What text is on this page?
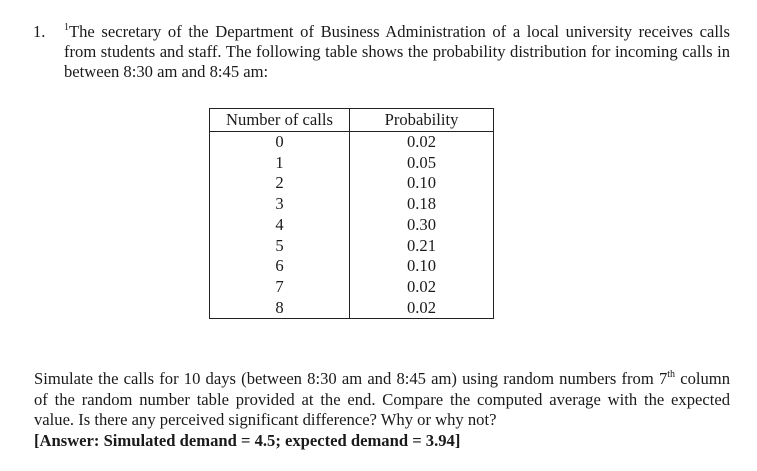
1. $^1$The secretary of the Department of Business Administration of a local university receives calls from students and staff. The following table shows the probability distribution for incoming calls in between 8:30 am and 8:45 am:
Number of calls	Probability
0	0.02
1	0.05
2	0.10
3	0.18
4	0.30
5	0.21
6	0.10
7	0.02
8	0.02
Simulate the calls for 10 days (between 8:30 am and 8:45 am) using random numbers from 7th column of the random number table provided at the end. Compare the computed average with the expected value. Is there any perceived significant difference? Why or why not?
[Answer: Simulated demand = 4.5; expected demand = 3.94]
